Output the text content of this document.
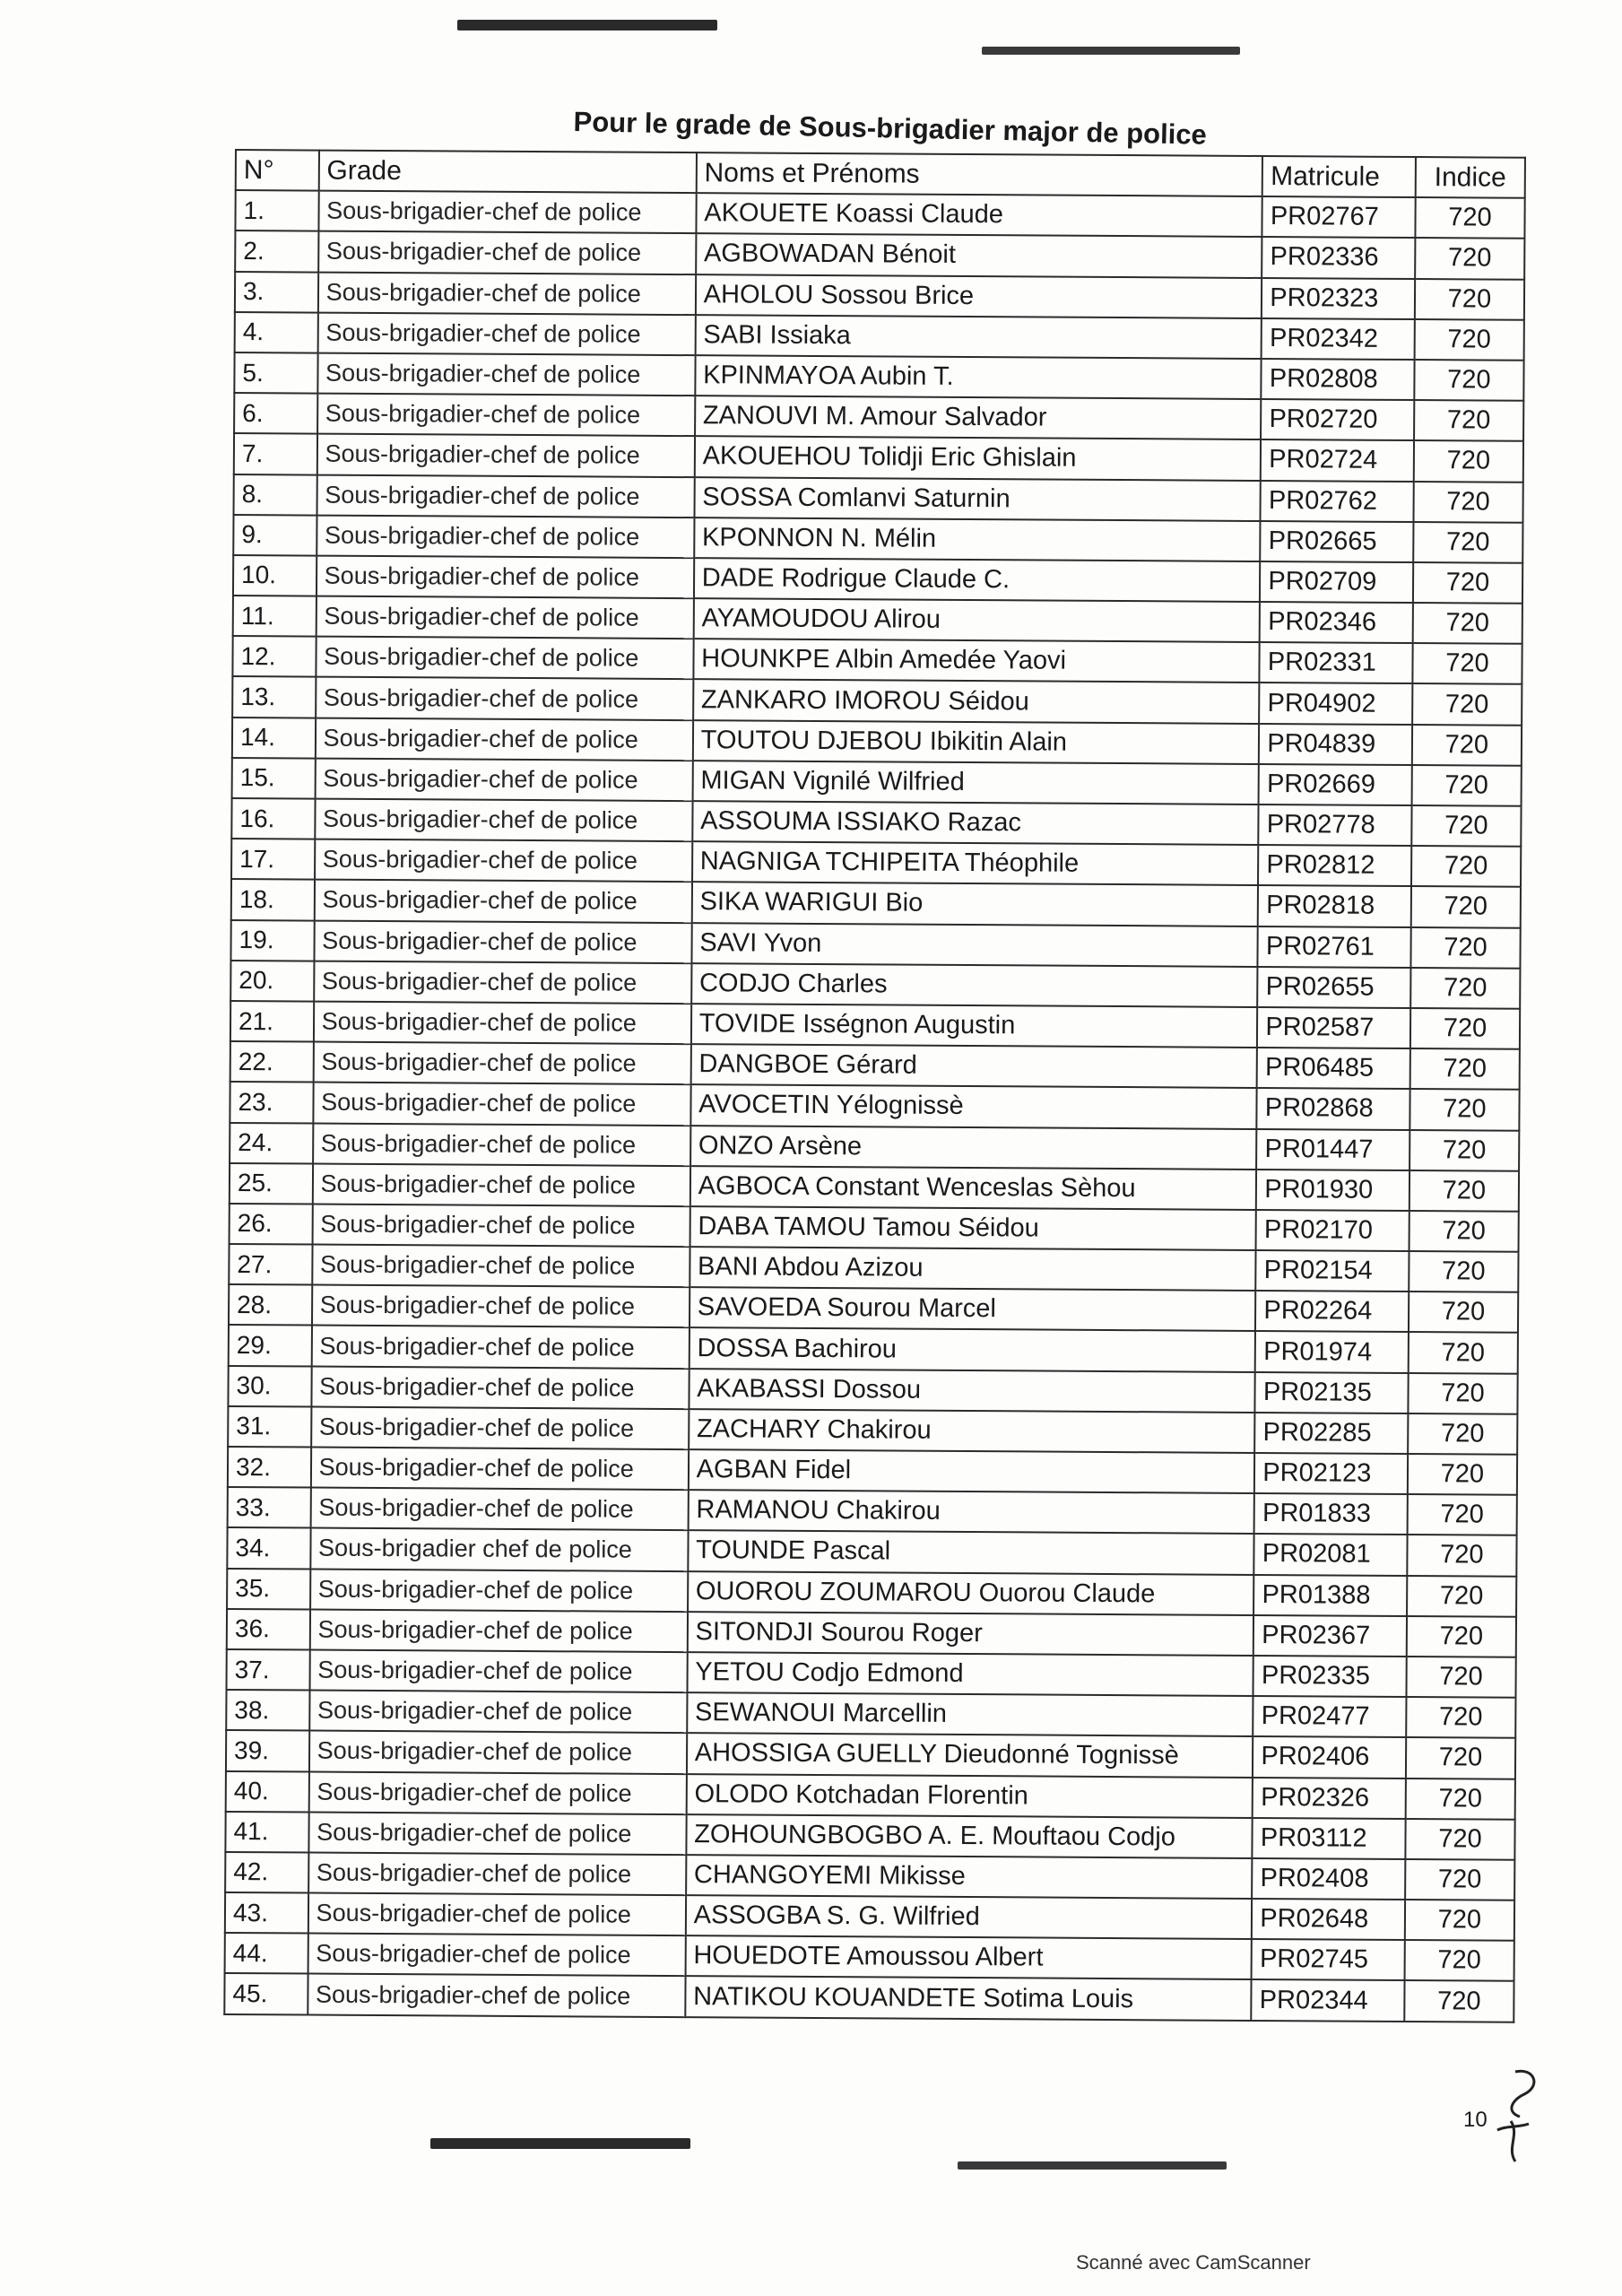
Pour le grade de Sous-brigadier major de police
N°	Grade	Noms et Prénoms	Matricule	Indice
1.	Sous-brigadier-chef de police	AKOUETE Koassi Claude	PR02767	720
2.	Sous-brigadier-chef de police	AGBOWADAN Bénoit	PR02336	720
3.	Sous-brigadier-chef de police	AHOLOU Sossou Brice	PR02323	720
4.	Sous-brigadier-chef de police	SABI Issiaka	PR02342	720
5.	Sous-brigadier-chef de police	KPINMAYOA Aubin T.	PR02808	720
6.	Sous-brigadier-chef de police	ZANOUVI M. Amour Salvador	PR02720	720
7.	Sous-brigadier-chef de police	AKOUEHOU Tolidji Eric Ghislain	PR02724	720
8.	Sous-brigadier-chef de police	SOSSA Comlanvi Saturnin	PR02762	720
9.	Sous-brigadier-chef de police	KPONNON N. Mélin	PR02665	720
10.	Sous-brigadier-chef de police	DADE Rodrigue Claude C.	PR02709	720
11.	Sous-brigadier-chef de police	AYAMOUDOU Alirou	PR02346	720
12.	Sous-brigadier-chef de police	HOUNKPE Albin Amedée Yaovi	PR02331	720
13.	Sous-brigadier-chef de police	ZANKARO IMOROU Séidou	PR04902	720
14.	Sous-brigadier-chef de police	TOUTOU DJEBOU Ibikitin Alain	PR04839	720
15.	Sous-brigadier-chef de police	MIGAN Vignilé Wilfried	PR02669	720
16.	Sous-brigadier-chef de police	ASSOUMA ISSIAKO Razac	PR02778	720
17.	Sous-brigadier-chef de police	NAGNIGA TCHIPEITA Théophile	PR02812	720
18.	Sous-brigadier-chef de police	SIKA WARIGUI Bio	PR02818	720
19.	Sous-brigadier-chef de police	SAVI Yvon	PR02761	720
20.	Sous-brigadier-chef de police	CODJO Charles	PR02655	720
21.	Sous-brigadier-chef de police	TOVIDE Isségnon Augustin	PR02587	720
22.	Sous-brigadier-chef de police	DANGBOE Gérard	PR06485	720
23.	Sous-brigadier-chef de police	AVOCETIN Yélognissè	PR02868	720
24.	Sous-brigadier-chef de police	ONZO Arsène	PR01447	720
25.	Sous-brigadier-chef de police	AGBOCA Constant Wenceslas Sèhou	PR01930	720
26.	Sous-brigadier-chef de police	DABA TAMOU Tamou Séidou	PR02170	720
27.	Sous-brigadier-chef de police	BANI Abdou Azizou	PR02154	720
28.	Sous-brigadier-chef de police	SAVOEDA Sourou Marcel	PR02264	720
29.	Sous-brigadier-chef de police	DOSSA Bachirou	PR01974	720
30.	Sous-brigadier-chef de police	AKABASSI Dossou	PR02135	720
31.	Sous-brigadier-chef de police	ZACHARY Chakirou	PR02285	720
32.	Sous-brigadier-chef de police	AGBAN Fidel	PR02123	720
33.	Sous-brigadier-chef de police	RAMANOU Chakirou	PR01833	720
34.	Sous-brigadier chef de police	TOUNDE Pascal	PR02081	720
35.	Sous-brigadier-chef de police	OUOROU ZOUMAROU Ouorou Claude	PR01388	720
36.	Sous-brigadier-chef de police	SITONDJI Sourou Roger	PR02367	720
37.	Sous-brigadier-chef de police	YETOU Codjo Edmond	PR02335	720
38.	Sous-brigadier-chef de police	SEWANOUI Marcellin	PR02477	720
39.	Sous-brigadier-chef de police	AHOSSIGA GUELLY Dieudonné Tognissè	PR02406	720
40.	Sous-brigadier-chef de police	OLODO Kotchadan Florentin	PR02326	720
41.	Sous-brigadier-chef de police	ZOHOUNGBOGBO A. E. Mouftaou Codjo	PR03112	720
42.	Sous-brigadier-chef de police	CHANGOYEMI Mikisse	PR02408	720
43.	Sous-brigadier-chef de police	ASSOGBA S. G. Wilfried	PR02648	720
44.	Sous-brigadier-chef de police	HOUEDOTE Amoussou Albert	PR02745	720
45.	Sous-brigadier-chef de police	NATIKOU KOUANDETE Sotima Louis	PR02344	720
10
Scanné avec CamScanner
